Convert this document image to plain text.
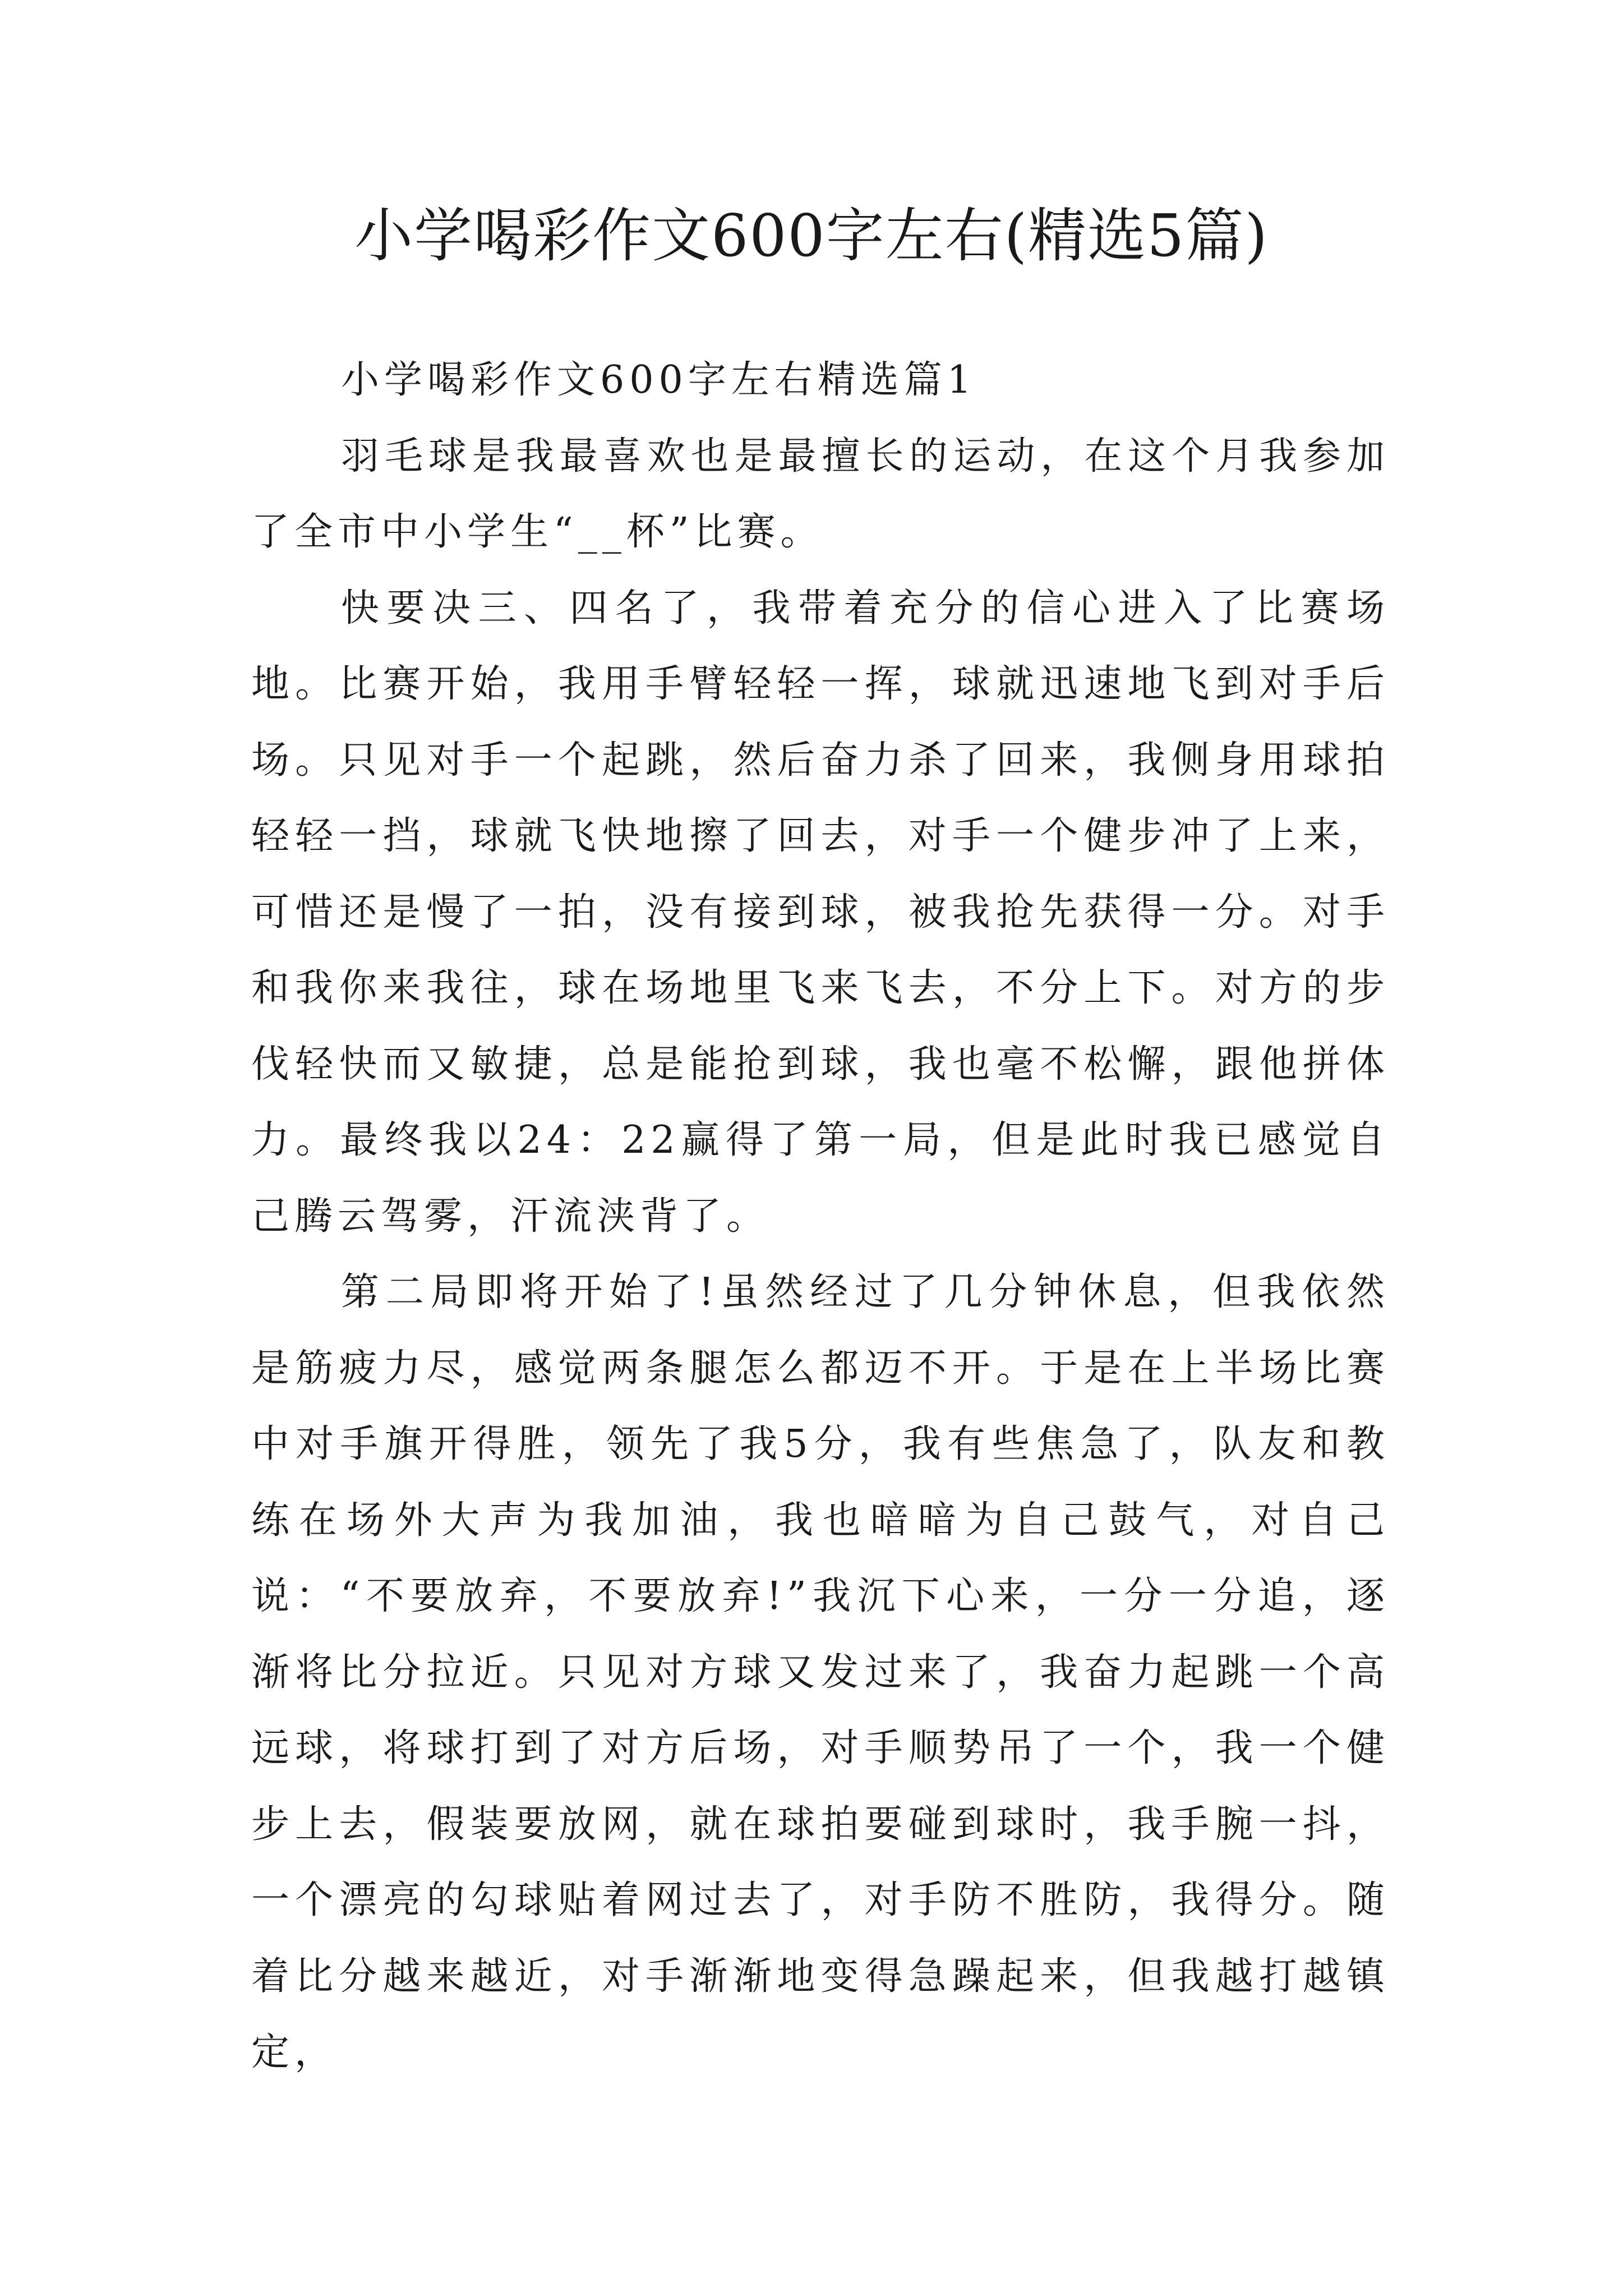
小学喝彩作文600字左右(精选5篇)

小学喝彩作文600字左右精选篇1

羽毛球是我最喜欢也是最擅长的运动，在这个月我参加了全市中小学生“__杯”比赛。

快要决三、四名了，我带着充分的信心进入了比赛场地。比赛开始，我用手臂轻轻一挥，球就迅速地飞到对手后场。只见对手一个起跳，然后奋力杀了回来，我侧身用球拍轻轻一挡，球就飞快地擦了回去，对手一个健步冲了上来，可惜还是慢了一拍，没有接到球，被我抢先获得一分。对手和我你来我往，球在场地里飞来飞去，不分上下。对方的步伐轻快而又敏捷，总是能抢到球，我也毫不松懈，跟他拼体力。最终我以24：22赢得了第一局，但是此时我已感觉自己腾云驾雾，汗流浃背了。

第二局即将开始了!虽然经过了几分钟休息，但我依然是筋疲力尽，感觉两条腿怎么都迈不开。于是在上半场比赛中对手旗开得胜，领先了我5分，我有些焦急了，队友和教练在场外大声为我加油，我也暗暗为自己鼓气，对自己说：“不要放弃，不要放弃!”我沉下心来，一分一分追，逐渐将比分拉近。只见对方球又发过来了，我奋力起跳一个高远球，将球打到了对方后场，对手顺势吊了一个，我一个健步上去，假装要放网，就在球拍要碰到球时，我手腕一抖，一个漂亮的勾球贴着网过去了，对手防不胜防，我得分。随着比分越来越近，对手渐渐地变得急躁起来，但我越打越镇定，
